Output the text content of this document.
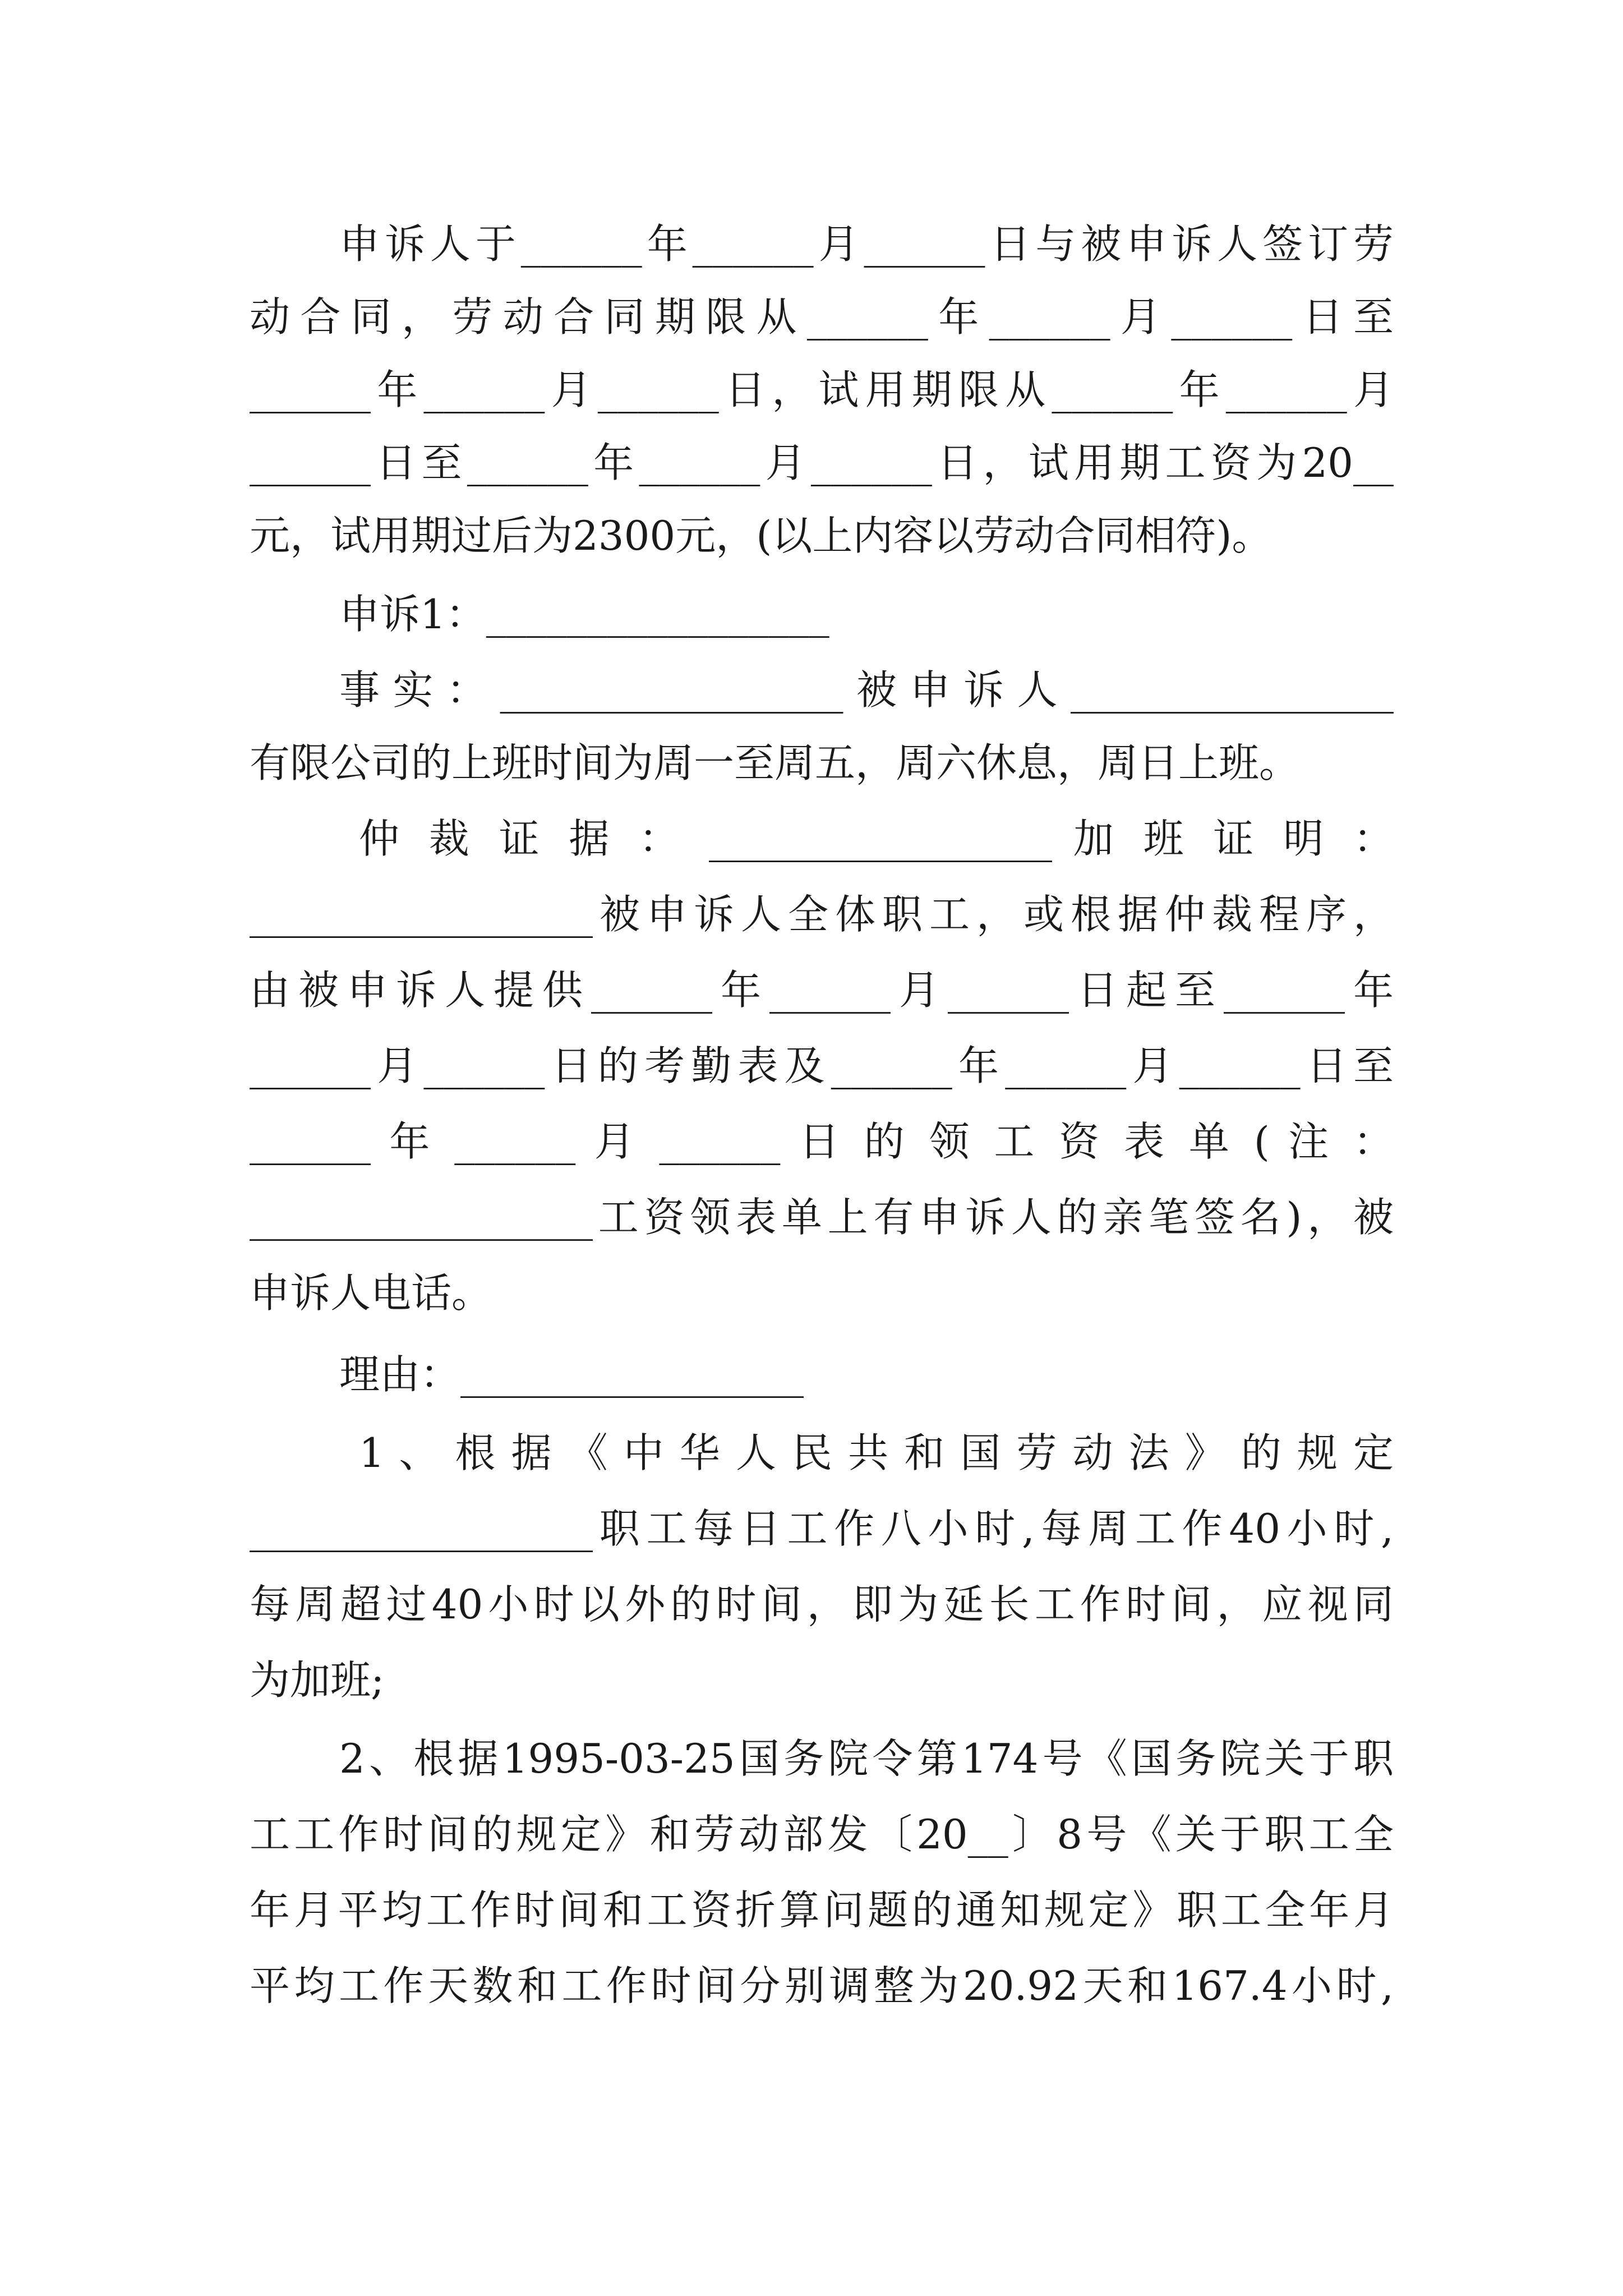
申诉人于______年______月______日与被申诉人签订劳
动合同，劳动合同期限从______年______月______日至
______年______月______日，试用期限从______年______月
______日至______年______月______日，试用期工资为20__
元，试用期过后为2300元，(以上内容以劳动合同相符)。
申诉1：_________________
事实：_________________被申诉人________________
有限公司的上班时间为周一至周五，周六休息，周日上班。
仲 裁 证 据 ： _________________ 加 班 证 明 ：
_________________被申诉人全体职工，或根据仲裁程序，
由被申诉人提供______年______月______日起至______年
______月______日的考勤表及______年______月______日至
______ 年 ______ 月 ______ 日 的 领 工 资 表 单 ( 注 ：
_________________工资领表单上有申诉人的亲笔签名)，被
申诉人电话。
理由：_________________
1 、 根 据 《 中 华 人 民 共 和 国 劳 动 法 》 的 规 定
_________________职工每日工作八小时,每周工作40小时,
每周超过40小时以外的时间，即为延长工作时间，应视同
为加班;
2、根据1995-03-25国务院令第174号《国务院关于职
工工作时间的规定》和劳动部发〔20__〕8号《关于职工全
年月平均工作时间和工资折算问题的通知规定》职工全年月
平均工作天数和工作时间分别调整为20.92天和167.4小时,
